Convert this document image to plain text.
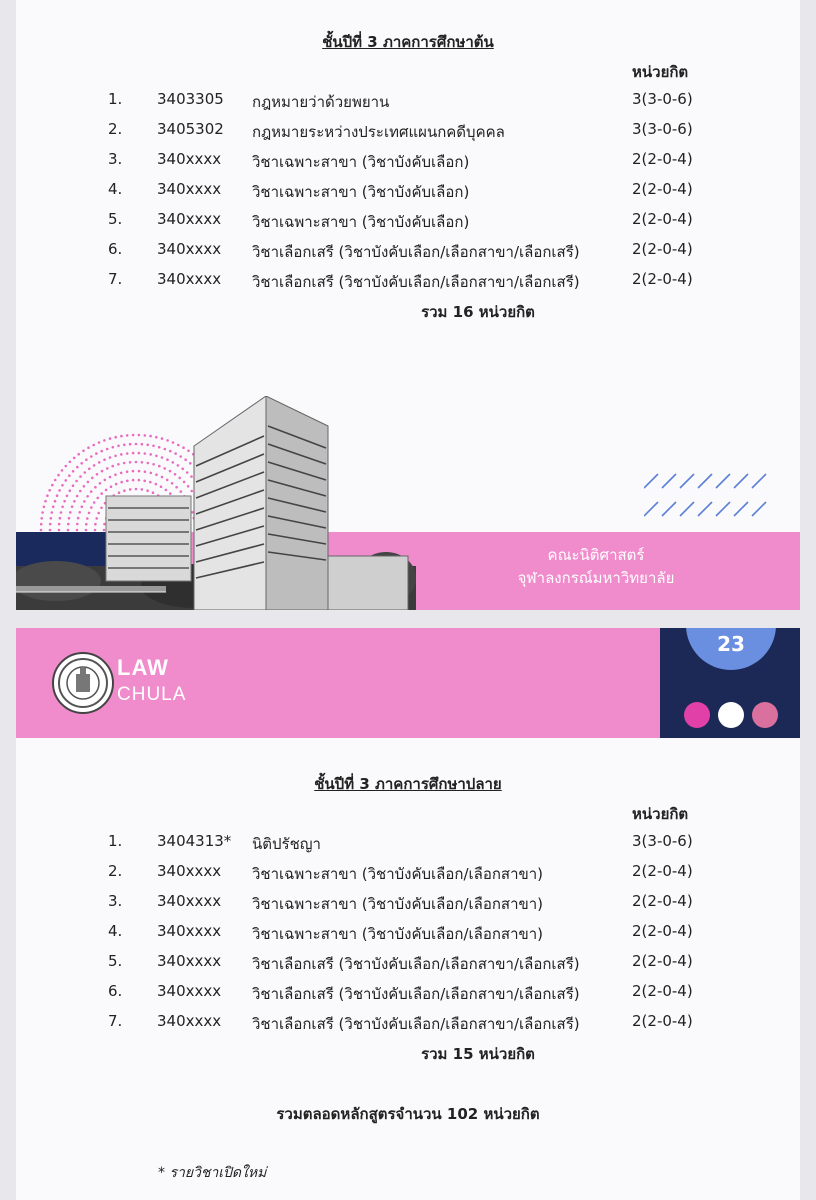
ชั้นปีที่ 3 ภาคการศึกษาต้น
หน่วยกิต
1. 3403305 กฎหมายว่าด้วยพยาน	3(3-0-6)
2. 3405302 กฎหมายระหว่างประเทศแผนกคดีบุคคล	3(3-0-6)
3. 340xxxx วิชาเฉพาะสาขา (วิชาบังคับเลือก)	2(2-0-4)
4. 340xxxx วิชาเฉพาะสาขา (วิชาบังคับเลือก)	2(2-0-4)
5. 340xxxx วิชาเฉพาะสาขา (วิชาบังคับเลือก)	2(2-0-4)
6. 340xxxx วิชาเลือกเสรี (วิชาบังคับเลือก/เลือกสาขา/เลือกเสรี)	2(2-0-4)
7. 340xxxx วิชาเลือกเสรี (วิชาบังคับเลือก/เลือกสาขา/เลือกเสรี)	2(2-0-4)
รวม 16 หน่วยกิต
คณะนิติศาสตร์
จุฬาลงกรณ์มหาวิทยาลัย
LAW
CHULA
23
ชั้นปีที่ 3 ภาคการศึกษาปลาย
หน่วยกิต
1. 3404313* นิติปรัชญา	3(3-0-6)
2. 340xxxx วิชาเฉพาะสาขา (วิชาบังคับเลือก/เลือกสาขา)	2(2-0-4)
3. 340xxxx วิชาเฉพาะสาขา (วิชาบังคับเลือก/เลือกสาขา)	2(2-0-4)
4. 340xxxx วิชาเฉพาะสาขา (วิชาบังคับเลือก/เลือกสาขา)	2(2-0-4)
5. 340xxxx วิชาเลือกเสรี (วิชาบังคับเลือก/เลือกสาขา/เลือกเสรี)	2(2-0-4)
6. 340xxxx วิชาเลือกเสรี (วิชาบังคับเลือก/เลือกสาขา/เลือกเสรี)	2(2-0-4)
7. 340xxxx วิชาเลือกเสรี (วิชาบังคับเลือก/เลือกสาขา/เลือกเสรี)	2(2-0-4)
รวม 15 หน่วยกิต
รวมตลอดหลักสูตรจำนวน 102 หน่วยกิต
* รายวิชาเปิดใหม่
